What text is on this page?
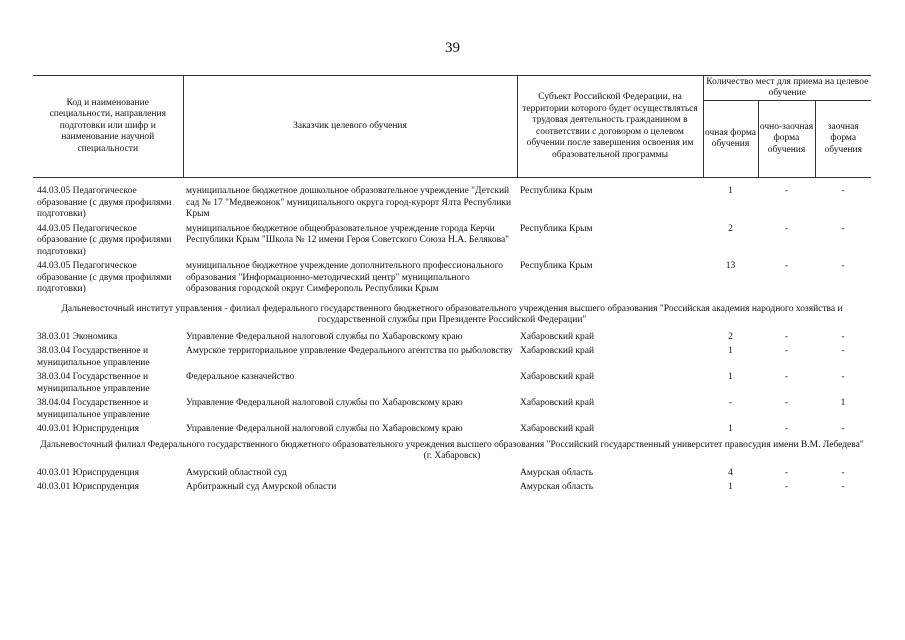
39
Код и наименование специальности, направления подготовки или шифр и наименование научной специальности	Заказчик целевого обучения	Субъект Российской Федерации, на территории которого будет осуществляться трудовая деятельность гражданином в соответствии с договором о целевом обучении после завершения освоения им образовательной программы	Количество мест для приема на целевое обучение		
			очная форма обучения	очно-заочная форма обучения	заочная форма обучения

44.03.05 Педагогическое образование (с двумя профилями подготовки)	муниципальное бюджетное дошкольное образовательное учреждение "Детский сад № 17 "Медвежонок" муниципального округа город-курорт Ялта Республики Крым	Республика Крым	1	-	-
44.03.05 Педагогическое образование (с двумя профилями подготовки)	муниципальное бюджетное общеобразовательное учреждение города Керчи Республики Крым "Школа № 12 имени Героя Советского Союза Н.А. Белякова"	Республика Крым	2	-	-
44.03.05 Педагогическое образование (с двумя профилями подготовки)	муниципальное бюджетное учреждение дополнительного профессионального образования "Информационно-методический центр" муниципального образования городской округ Симферополь Республики Крым	Республика Крым	13	-	-
Дальневосточный институт управления - филиал федерального государственного бюджетного образовательного учреждения высшего образования "Российская академия народного хозяйства и государственной службы при Президенте Российской Федерации"					
38.03.01 Экономика	Управление Федеральной налоговой службы по Хабаровскому краю	Хабаровский край	2	-	-
38.03.04 Государственное и муниципальное управление	Амурское территориальное управление Федерального агентства по рыболовству	Хабаровский край	1	-	-
38.03.04 Государственное и муниципальное управление	Федеральное казначейство	Хабаровский край	1	-	-
38.04.04 Государственное и муниципальное управление	Управление Федеральной налоговой службы по Хабаровскому краю	Хабаровский край	-	-	1
40.03.01 Юриспруденция	Управление Федеральной налоговой службы по Хабаровскому краю	Хабаровский край	1	-	-
Дальневосточный филиал Федерального государственного бюджетного образовательного учреждения высшего образования "Российский государственный университет правосудия имени В.М. Лебедева" (г. Хабаровск)					
40.03.01 Юриспруденция	Амурский областной суд	Амурская область	4	-	-
40.03.01 Юриспруденция	Арбитражный суд Амурской области	Амурская область	1	-	-
